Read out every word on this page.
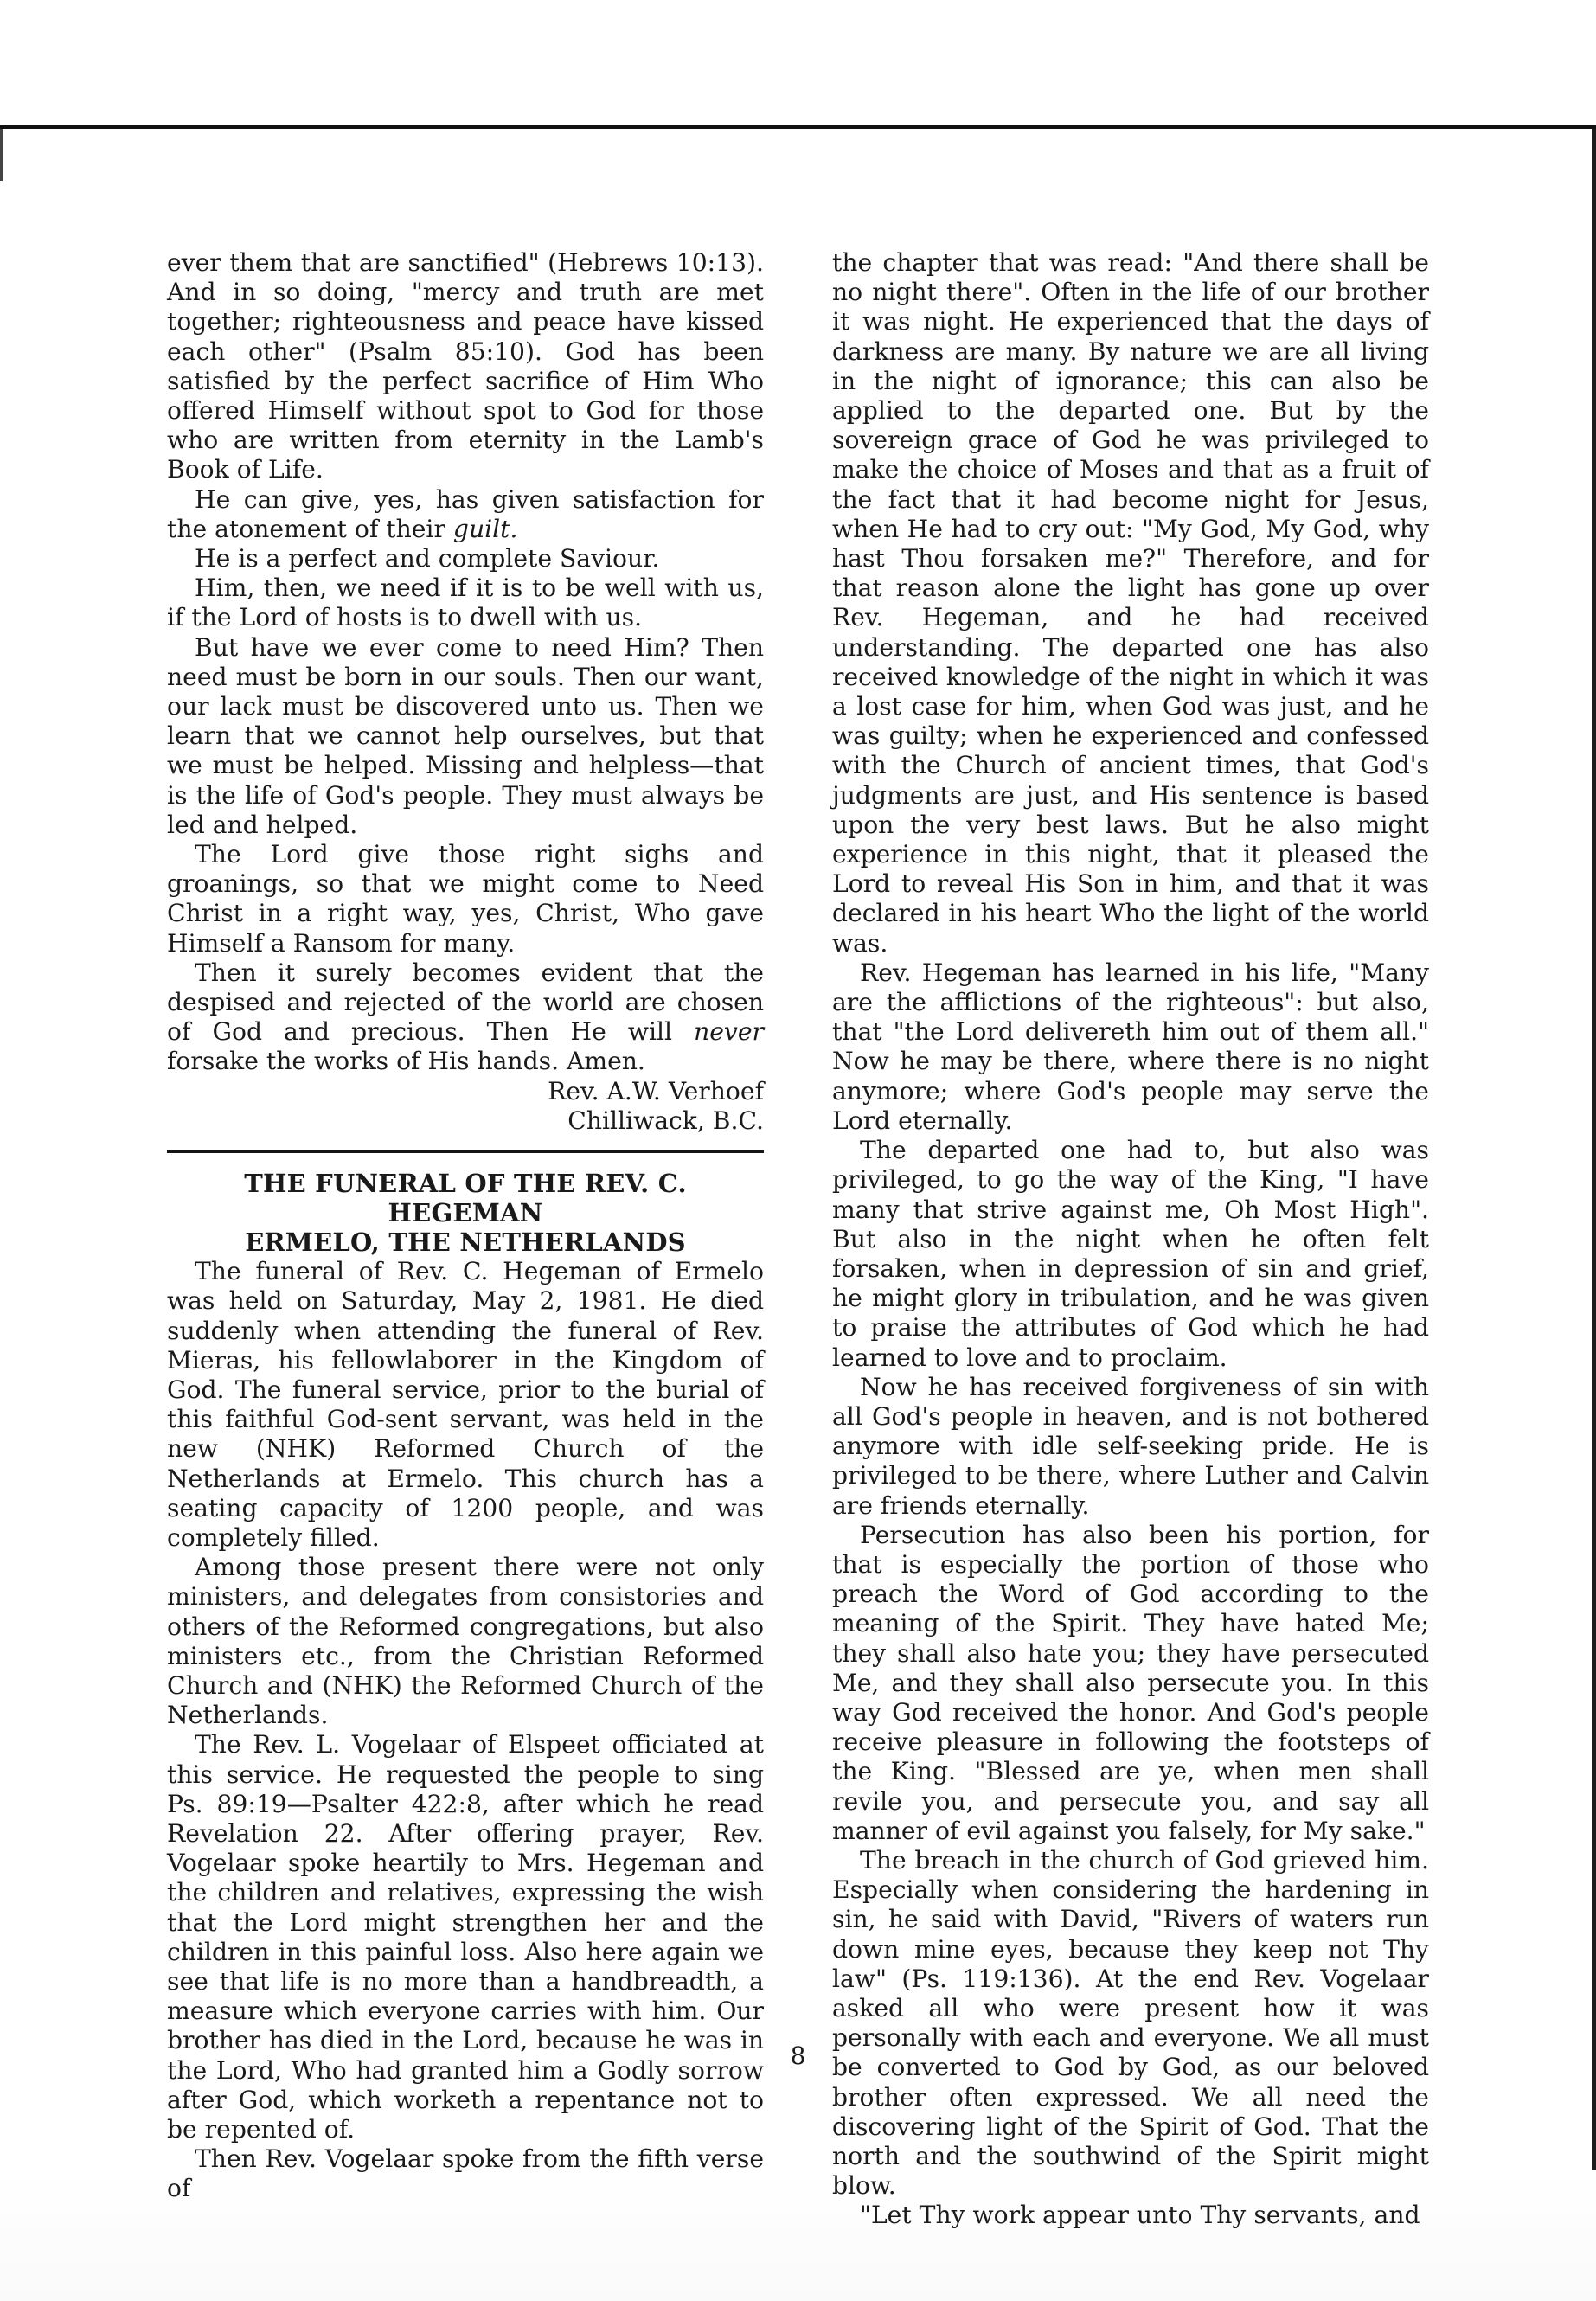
ever them that are sanctified" (Hebrews 10:13). And in so doing, "mercy and truth are met together; righteousness and peace have kissed each other" (Psalm 85:10). God has been satisfied by the perfect sacrifice of Him Who offered Himself without spot to God for those who are written from eternity in the Lamb's Book of Life.

He can give, yes, has given satisfaction for the atonement of their guilt.

He is a perfect and complete Saviour.

Him, then, we need if it is to be well with us, if the Lord of hosts is to dwell with us.

But have we ever come to need Him? Then need must be born in our souls. Then our want, our lack must be discovered unto us. Then we learn that we cannot help ourselves, but that we must be helped. Missing and helpless—that is the life of God's people. They must always be led and helped.

The Lord give those right sighs and groanings, so that we might come to Need Christ in a right way, yes, Christ, Who gave Himself a Ransom for many.

Then it surely becomes evident that the despised and rejected of the world are chosen of God and precious. Then He will never forsake the works of His hands. Amen.

Rev. A.W. Verhoef
Chilliwack, B.C.
THE FUNERAL OF THE REV. C. HEGEMAN
ERMELO, THE NETHERLANDS

The funeral of Rev. C. Hegeman of Ermelo was held on Saturday, May 2, 1981. He died suddenly when attending the funeral of Rev. Mieras, his fellowlaborer in the Kingdom of God. The funeral service, prior to the burial of this faithful God-sent servant, was held in the new (NHK) Reformed Church of the Netherlands at Ermelo. This church has a seating capacity of 1200 people, and was completely filled.

Among those present there were not only ministers, and delegates from consistories and others of the Reformed congregations, but also ministers etc., from the Christian Reformed Church and (NHK) the Reformed Church of the Netherlands.

The Rev. L. Vogelaar of Elspeet officiated at this service. He requested the people to sing Ps. 89:19—Psalter 422:8, after which he read Revelation 22. After offering prayer, Rev. Vogelaar spoke heartily to Mrs. Hegeman and the children and relatives, expressing the wish that the Lord might strengthen her and the children in this painful loss. Also here again we see that life is no more than a handbreadth, a measure which everyone carries with him. Our brother has died in the Lord, because he was in the Lord, Who had granted him a Godly sorrow after God, which worketh a repentance not to be repented of.

Then Rev. Vogelaar spoke from the fifth verse of

the chapter that was read: "And there shall be no night there". Often in the life of our brother it was night. He experienced that the days of darkness are many. By nature we are all living in the night of ignorance; this can also be applied to the departed one. But by the sovereign grace of God he was privileged to make the choice of Moses and that as a fruit of the fact that it had become night for Jesus, when He had to cry out: "My God, My God, why hast Thou forsaken me?" Therefore, and for that reason alone the light has gone up over Rev. Hegeman, and he had received understanding. The departed one has also received knowledge of the night in which it was a lost case for him, when God was just, and he was guilty; when he experienced and confessed with the Church of ancient times, that God's judgments are just, and His sentence is based upon the very best laws. But he also might experience in this night, that it pleased the Lord to reveal His Son in him, and that it was declared in his heart Who the light of the world was.

Rev. Hegeman has learned in his life, "Many are the afflictions of the righteous": but also, that "the Lord delivereth him out of them all." Now he may be there, where there is no night anymore; where God's people may serve the Lord eternally.

The departed one had to, but also was privileged, to go the way of the King, "I have many that strive against me, Oh Most High". But also in the night when he often felt forsaken, when in depression of sin and grief, he might glory in tribulation, and he was given to praise the attributes of God which he had learned to love and to proclaim.

Now he has received forgiveness of sin with all God's people in heaven, and is not bothered anymore with idle self-seeking pride. He is privileged to be there, where Luther and Calvin are friends eternally.

Persecution has also been his portion, for that is especially the portion of those who preach the Word of God according to the meaning of the Spirit. They have hated Me; they shall also hate you; they have persecuted Me, and they shall also persecute you. In this way God received the honor. And God's people receive pleasure in following the footsteps of the King. "Blessed are ye, when men shall revile you, and persecute you, and say all manner of evil against you falsely, for My sake."

The breach in the church of God grieved him. Especially when considering the hardening in sin, he said with David, "Rivers of waters run down mine eyes, because they keep not Thy law" (Ps. 119:136). At the end Rev. Vogelaar asked all who were present how it was personally with each and everyone. We all must be converted to God by God, as our beloved brother often expressed. We all need the discovering light of the Spirit of God. That the north and the southwind of the Spirit might blow.

"Let Thy work appear unto Thy servants, and

8
